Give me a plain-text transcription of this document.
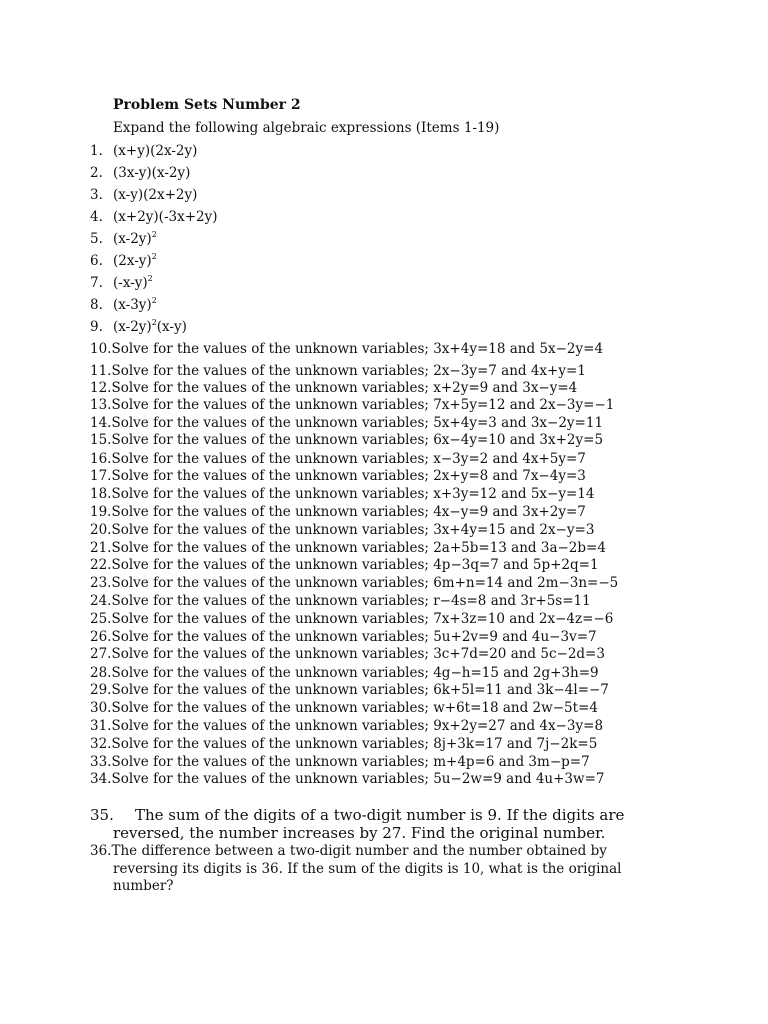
Problem Sets Number 2
Expand the following algebraic expressions (Items 1-19)
1. (x+y)(2x-2y)
2. (3x-y)(x-2y)
3. (x-y)(2x+2y)
4. (x+2y)(-3x+2y)
5. $(x-2y)^2$
6. $(2x-y)^2$
7. $(-x-y)^2$
8. $(x-3y)^2$
9. $(x-2y)^2(x-y)$
10.Solve for the values of the unknown variables; 3x+4y=18 and 5x−2y=4
11.Solve for the values of the unknown variables; 2x−3y=7 and 4x+y=1
12.Solve for the values of the unknown variables; x+2y=9 and 3x−y=4
13.Solve for the values of the unknown variables; 7x+5y=12 and 2x−3y=−1
14.Solve for the values of the unknown variables; 5x+4y=3 and 3x−2y=11
15.Solve for the values of the unknown variables; 6x−4y=10 and 3x+2y=5
16.Solve for the values of the unknown variables; x−3y=2 and 4x+5y=7
17.Solve for the values of the unknown variables; 2x+y=8 and 7x−4y=3
18.Solve for the values of the unknown variables; x+3y=12 and 5x−y=14
19.Solve for the values of the unknown variables; 4x−y=9 and 3x+2y=7
20.Solve for the values of the unknown variables; 3x+4y=15 and 2x−y=3
21.Solve for the values of the unknown variables; 2a+5b=13 and 3a−2b=4
22.Solve for the values of the unknown variables; 4p−3q=7 and 5p+2q=1
23.Solve for the values of the unknown variables; 6m+n=14 and 2m−3n=−5
24.Solve for the values of the unknown variables; r−4s=8 and 3r+5s=11
25.Solve for the values of the unknown variables; 7x+3z=10 and 2x−4z=−6
26.Solve for the values of the unknown variables; 5u+2v=9 and 4u−3v=7
27.Solve for the values of the unknown variables; 3c+7d=20 and 5c−2d=3
28.Solve for the values of the unknown variables; 4g−h=15 and 2g+3h=9
29.Solve for the values of the unknown variables; 6k+5l=11 and 3k−4l=−7
30.Solve for the values of the unknown variables; w+6t=18 and 2w−5t=4
31.Solve for the values of the unknown variables; 9x+2y=27 and 4x−3y=8
32.Solve for the values of the unknown variables; 8j+3k=17 and 7j−2k=5
33.Solve for the values of the unknown variables; m+4p=6 and 3m−p=7
34.Solve for the values of the unknown variables; 5u−2w=9 and 4u+3w=7
35. The sum of the digits of a two-digit number is 9. If the digits are
reversed, the number increases by 27. Find the original number.
36.The difference between a two-digit number and the number obtained by
reversing its digits is 36. If the sum of the digits is 10, what is the original
number?
